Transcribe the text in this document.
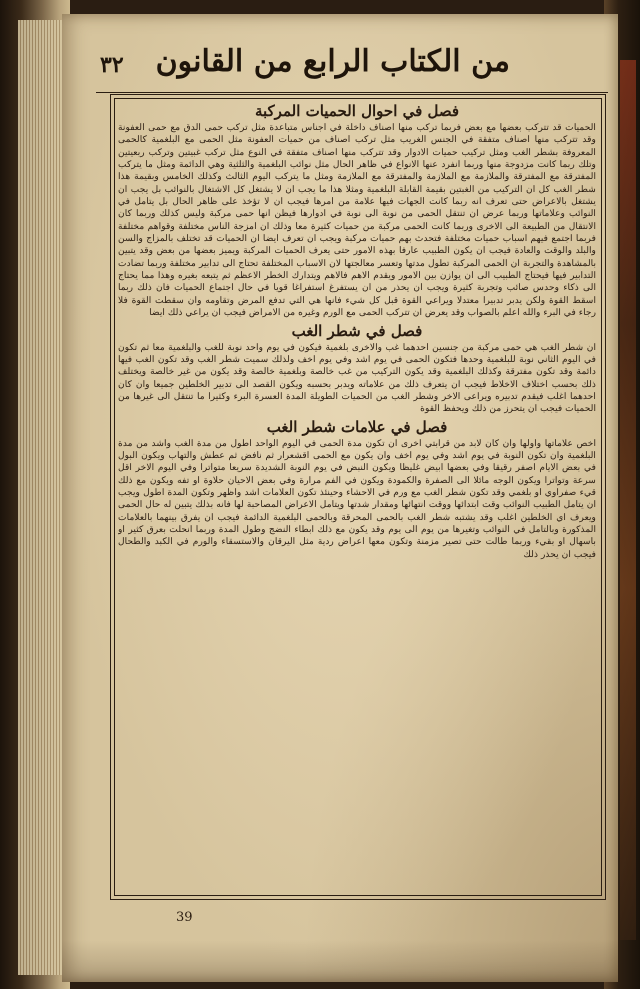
٣٢ من الكتاب الرابع من القانون
فصل في احوال الحميات المركبة

الحميات قد تتركب بعضها مع بعض فربما تركب منها اصناف داخلة في اجناس متباعدة مثل تركب حمى الدق مع حمى العفونة وقد تتركب منها اصناف متفقة في الجنس الغريب مثل تركب اصناف من حميات العفونة مثل الحمى مع البلغمية كالحمى المعروفة بشطر الغب ومثل تركيب حميات الادوار وقد تتركب منها اصناف متفقة في النوع مثل تركب غبيتين وتركب ربعيتين وتلك ربما كانت مزدوجة منها وربما انفرد عنها الانواع في ظاهر الحال مثل نوائب البلغمية والثلثية وهي الدائمة ومثل ما يتركب المفترقة مع المفترقة والملازمة مع الملازمة والمفترقة مع الملازمة ومثل ما يتركب اليوم الثالث وكذلك الخامس وبقيمة هذا شطر الغب كل ان التركيب من الغبتين بقيمة القابلة البلغمية ومثلا هذا ما يجب ان لا يشتغل كل الاشتغال بالنوائب بل يجب ان يشتغل بالاعراض حتى تعرف انه ربما كانت الجهات فيها علامة من امرها فيجب ان لا تؤخذ على ظاهر الحال بل يتامل في النوائب وعلاماتها وربما عرض ان تنتقل الحمى من نوبة الى نوبة في ادوارها فيظن انها حمى مركبة وليس كذلك وربما كان الانتقال من الطبيعة الى الاخرى وربما كانت الحمى مركبة من حميات كثيرة معا وذلك ان امزجة الناس مختلفة وقواهم مختلفة فربما اجتمع فيهم اسباب حميات مختلفة فتحدث بهم حميات مركبة ويجب ان تعرف ايضا ان الحميات قد تختلف بالمزاج والسن والبلد والوقت والعادة فيجب ان يكون الطبيب عارفا بهذه الامور حتى يعرف الحميات المركبة ويميز بعضها من بعض وقد يتبين بالمشاهدة والتجربة ان الحمى المركبة تطول مدتها وتعسر معالجتها لان الاسباب المختلفة تحتاج الى تدابير مختلفة وربما تضادت التدابير فيها فيحتاج الطبيب الى ان يوازن بين الامور ويقدم الاهم فالاهم ويتدارك الخطر الاعظم ثم يتبعه بغيره وهذا مما يحتاج الى ذكاء وحدس صائب وتجربة كثيرة ويجب ان يحذر من ان يستفرغ استفراغا قويا في حال اجتماع الحميات فان ذلك ربما اسقط القوة ولكن يدبر تدبيرا معتدلا ويراعي القوة قبل كل شيء فانها هي التي تدفع المرض وتقاومه وان سقطت القوة فلا رجاء في البرء والله اعلم بالصواب وقد يعرض ان تتركب الحمى مع الورم وغيره من الامراض فيجب ان يراعي ذلك ايضا

فصل في شطر الغب

ان شطر الغب هي حمى مركبة من جنسين احدهما غب والاخرى بلغمية فيكون في يوم واحد نوبة للغب والبلغمية معا ثم تكون في اليوم الثاني نوبة للبلغمية وحدها فتكون الحمى في يوم اشد وفي يوم اخف ولذلك سميت شطر الغب وقد تكون الغب فيها دائمة وقد تكون مفترقة وكذلك البلغمية وقد يكون التركيب من غب خالصة وبلغمية خالصة وقد يكون من غير خالصة ويختلف ذلك بحسب اختلاف الاخلاط فيجب ان يتعرف ذلك من علاماته ويدبر بحسبه ويكون القصد الى تدبير الخلطين جميعا وان كان احدهما اغلب فيقدم تدبيره ويراعى الاخر وشطر الغب من الحميات الطويلة المدة العسرة البرء وكثيرا ما تنتقل الى غيرها من الحميات فيجب ان يتحرز من ذلك ويحفظ القوة

فصل في علامات شطر الغب

اخص علاماتها واولها وان كان لابد من قرابتي اخرى ان تكون مدة الحمى في اليوم الواحد اطول من مدة الغب واشد من مدة البلغمية وان تكون النوبة في يوم اشد وفي يوم اخف وان يكون مع الحمى اقشعرار ثم نافض ثم عطش والتهاب ويكون البول في بعض الايام اصفر رقيقا وفي بعضها ابيض غليظا ويكون النبض في يوم النوبة الشديدة سريعا متواترا وفي اليوم الاخر اقل سرعة وتواترا ويكون الوجه مائلا الى الصفرة والكمودة ويكون في الفم مرارة وفي بعض الاحيان حلاوة او تفه ويكون مع ذلك قيء صفراوي او بلغمي وقد تكون شطر الغب مع ورم في الاحشاء وحينئذ تكون العلامات اشد واظهر وتكون المدة اطول ويجب ان يتامل الطبيب النوائب وقت ابتدائها ووقت انتهائها ومقدار شدتها ويتامل الاعراض المصاحبة لها فانه بذلك يتبين له حال الحمى ويعرف اي الخلطين اغلب وقد يشتبه شطر الغب بالحمى المحرقة وبالحمى البلغمية الدائمة فيجب ان يفرق بينهما بالعلامات المذكورة وبالتامل في النوائب وتغيرها من يوم الى يوم وقد يكون مع ذلك ابطاء النضج وطول المدة وربما انحلت بعرق كثير او باسهال او بقيء وربما طالت حتى تصير مزمنة وتكون معها اعراض ردية مثل اليرقان والاستسقاء والورم في الكبد والطحال فيجب ان يحذر ذلك

39
